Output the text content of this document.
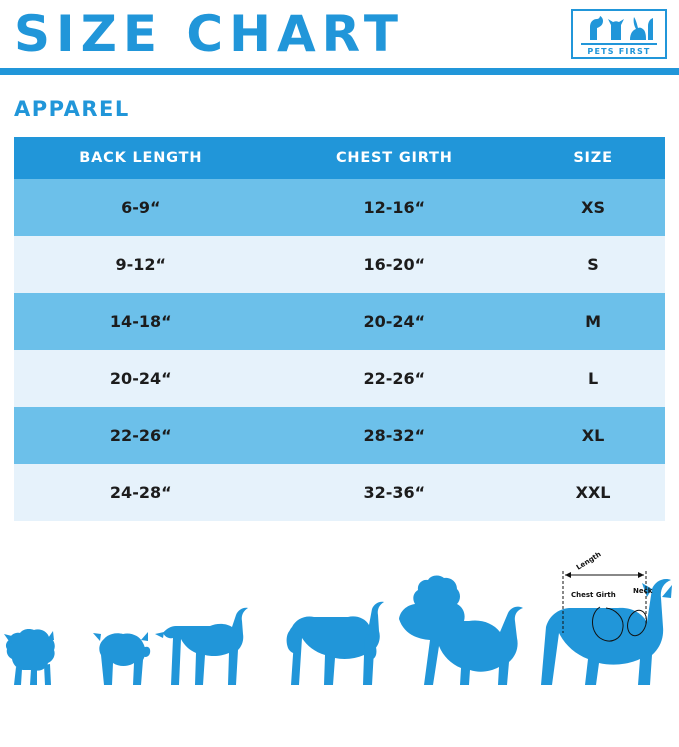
SIZE CHART	PETS FIRST
APPAREL
BACK LENGTH	CHEST GIRTH	SIZE
6-9“	12-16“	XS
9-12“	16-20“	S
14-18“	20-24“	M
20-24“	22-26“	L
22-26“	28-32“	XL
24-28“	32-36“	XXL
Length
Chest Girth Neck
